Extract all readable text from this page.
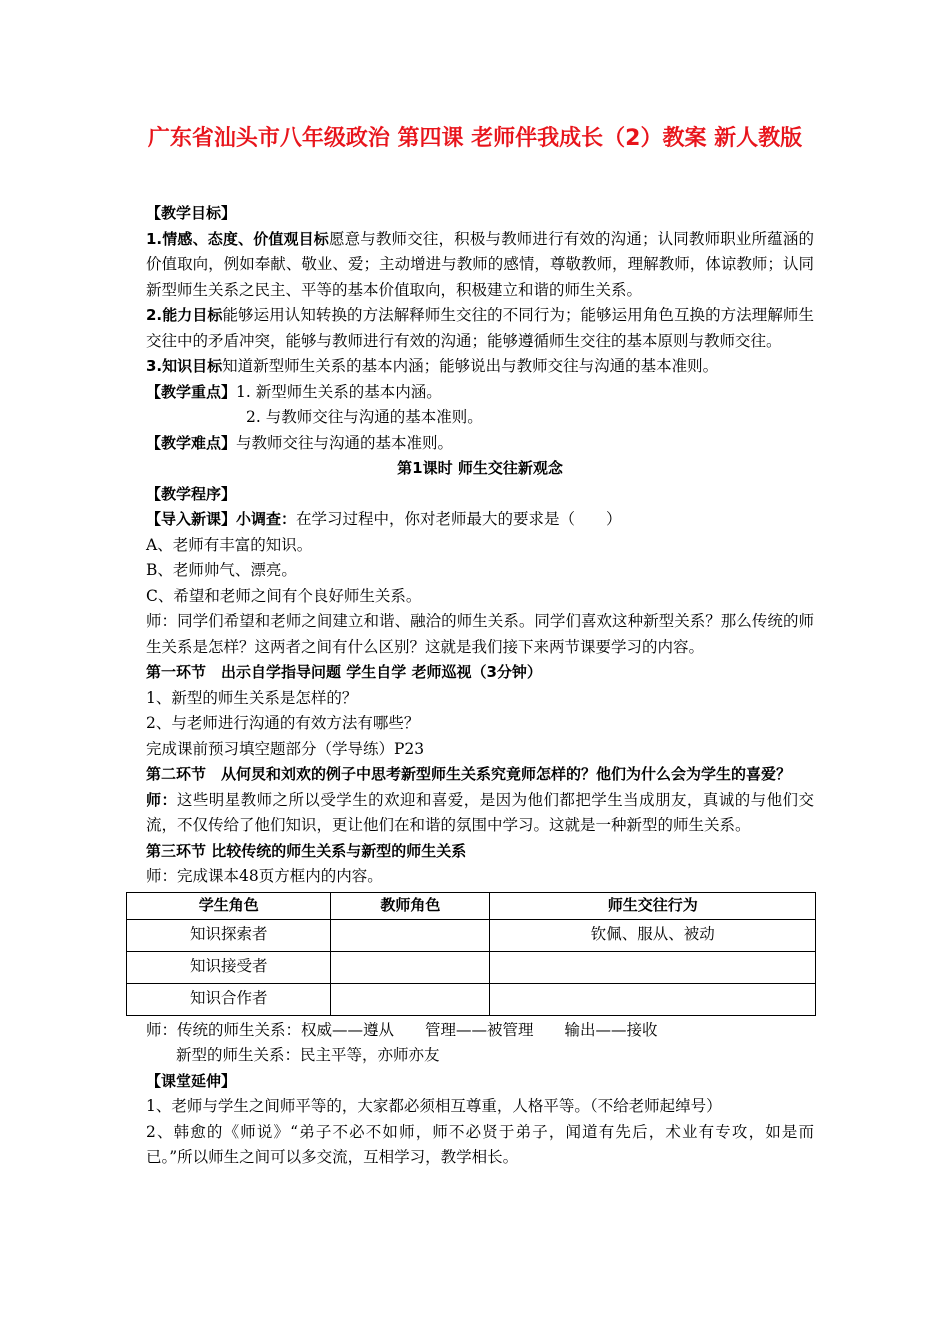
广东省汕头市八年级政治 第四课 老师伴我成长（2）教案 新人教版
【教学目标】
1.情感、态度、价值观目标愿意与教师交往，积极与教师进行有效的沟通；认同教师职业所蕴涵的价值取向，例如奉献、敬业、爱；主动增进与教师的感情，尊敬教师，理解教师，体谅教师；认同新型师生关系之民主、平等的基本价值取向，积极建立和谐的师生关系。
2.能力目标能够运用认知转换的方法解释师生交往的不同行为；能够运用角色互换的方法理解师生交往中的矛盾冲突，能够与教师进行有效的沟通；能够遵循师生交往的基本原则与教师交往。
3.知识目标知道新型师生关系的基本内涵；能够说出与教师交往与沟通的基本准则。
【教学重点】1. 新型师生关系的基本内涵。
2. 与教师交往与沟通的基本准则。
【教学难点】与教师交往与沟通的基本准则。
第1课时 师生交往新观念
【教学程序】
【导入新课】小调查：在学习过程中，你对老师最大的要求是（　　）
A、老师有丰富的知识。
B、老师帅气、漂亮。
C、希望和老师之间有个良好师生关系。
师：同学们希望和老师之间建立和谐、融洽的师生关系。同学们喜欢这种新型关系？那么传统的师生关系是怎样？这两者之间有什么区别？这就是我们接下来两节课要学习的内容。
第一环节　出示自学指导问题 学生自学 老师巡视（3分钟）
1、新型的师生关系是怎样的？
2、与老师进行沟通的有效方法有哪些？
完成课前预习填空题部分（学导练）P23
第二环节　从何炅和刘欢的例子中思考新型师生关系究竟师怎样的？他们为什么会为学生的喜爱？
师：这些明星教师之所以受学生的欢迎和喜爱，是因为他们都把学生当成朋友，真诚的与他们交流，不仅传给了他们知识，更让他们在和谐的氛围中学习。这就是一种新型的师生关系。
第三环节 比较传统的师生关系与新型的师生关系
师：完成课本48页方框内的内容。
学生角色	教师角色	师生交往行为
知识探索者		钦佩、服从、被动
知识接受者		
知识合作者		
师：传统的师生关系：权威——遵从　　管理——被管理　　输出——接收
新型的师生关系：民主平等，亦师亦友
【课堂延伸】
1、老师与学生之间师平等的，大家都必须相互尊重，人格平等。（不给老师起绰号）
2、韩愈的《师说》“弟子不必不如师，师不必贤于弟子，闻道有先后，术业有专攻，如是而已。”所以师生之间可以多交流，互相学习，教学相长。
